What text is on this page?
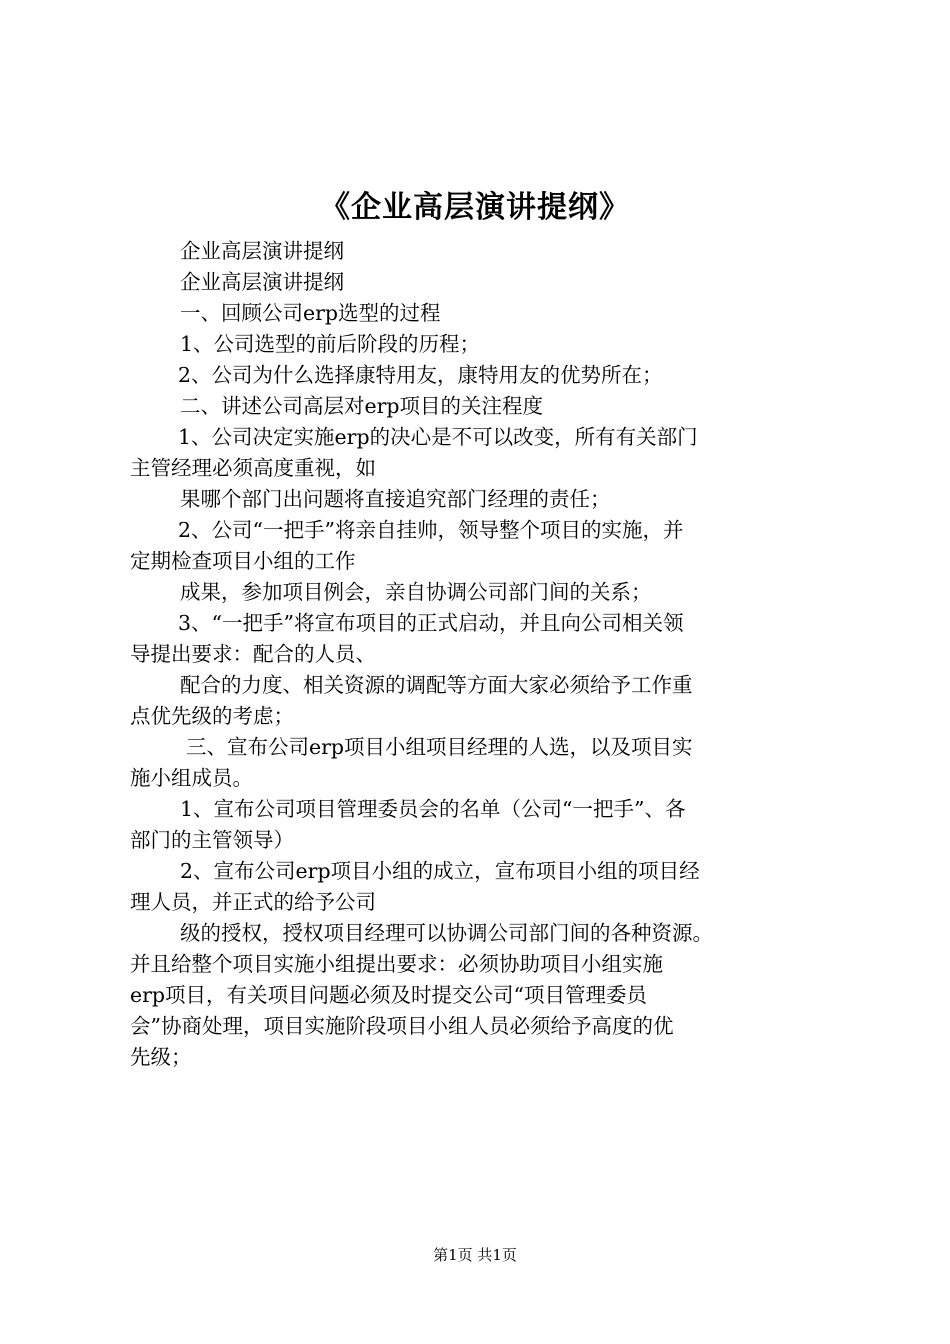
《企业高层演讲提纲》
企业高层演讲提纲
企业高层演讲提纲
一、回顾公司erp选型的过程
1、公司选型的前后阶段的历程；
2、公司为什么选择康特用友，康特用友的优势所在；
二、讲述公司高层对erp项目的关注程度
1、公司决定实施erp的决心是不可以改变，所有有关部门
主管经理必须高度重视，如
果哪个部门出问题将直接追究部门经理的责任；
2、公司“一把手”将亲自挂帅，领导整个项目的实施，并
定期检查项目小组的工作
成果，参加项目例会，亲自协调公司部门间的关系；
3、“一把手”将宣布项目的正式启动，并且向公司相关领
导提出要求：配合的人员、
配合的力度、相关资源的调配等方面大家必须给予工作重
点优先级的考虑；
三、宣布公司erp项目小组项目经理的人选，以及项目实
施小组成员。
1、宣布公司项目管理委员会的名单（公司“一把手”、各
部门的主管领导）
2、宣布公司erp项目小组的成立，宣布项目小组的项目经
理人员，并正式的给予公司
级的授权，授权项目经理可以协调公司部门间的各种资源。
并且给整个项目实施小组提出要求：必须协助项目小组实施
erp项目，有关项目问题必须及时提交公司“项目管理委员
会”协商处理，项目实施阶段项目小组人员必须给予高度的优
先级；
第1页 共1页
